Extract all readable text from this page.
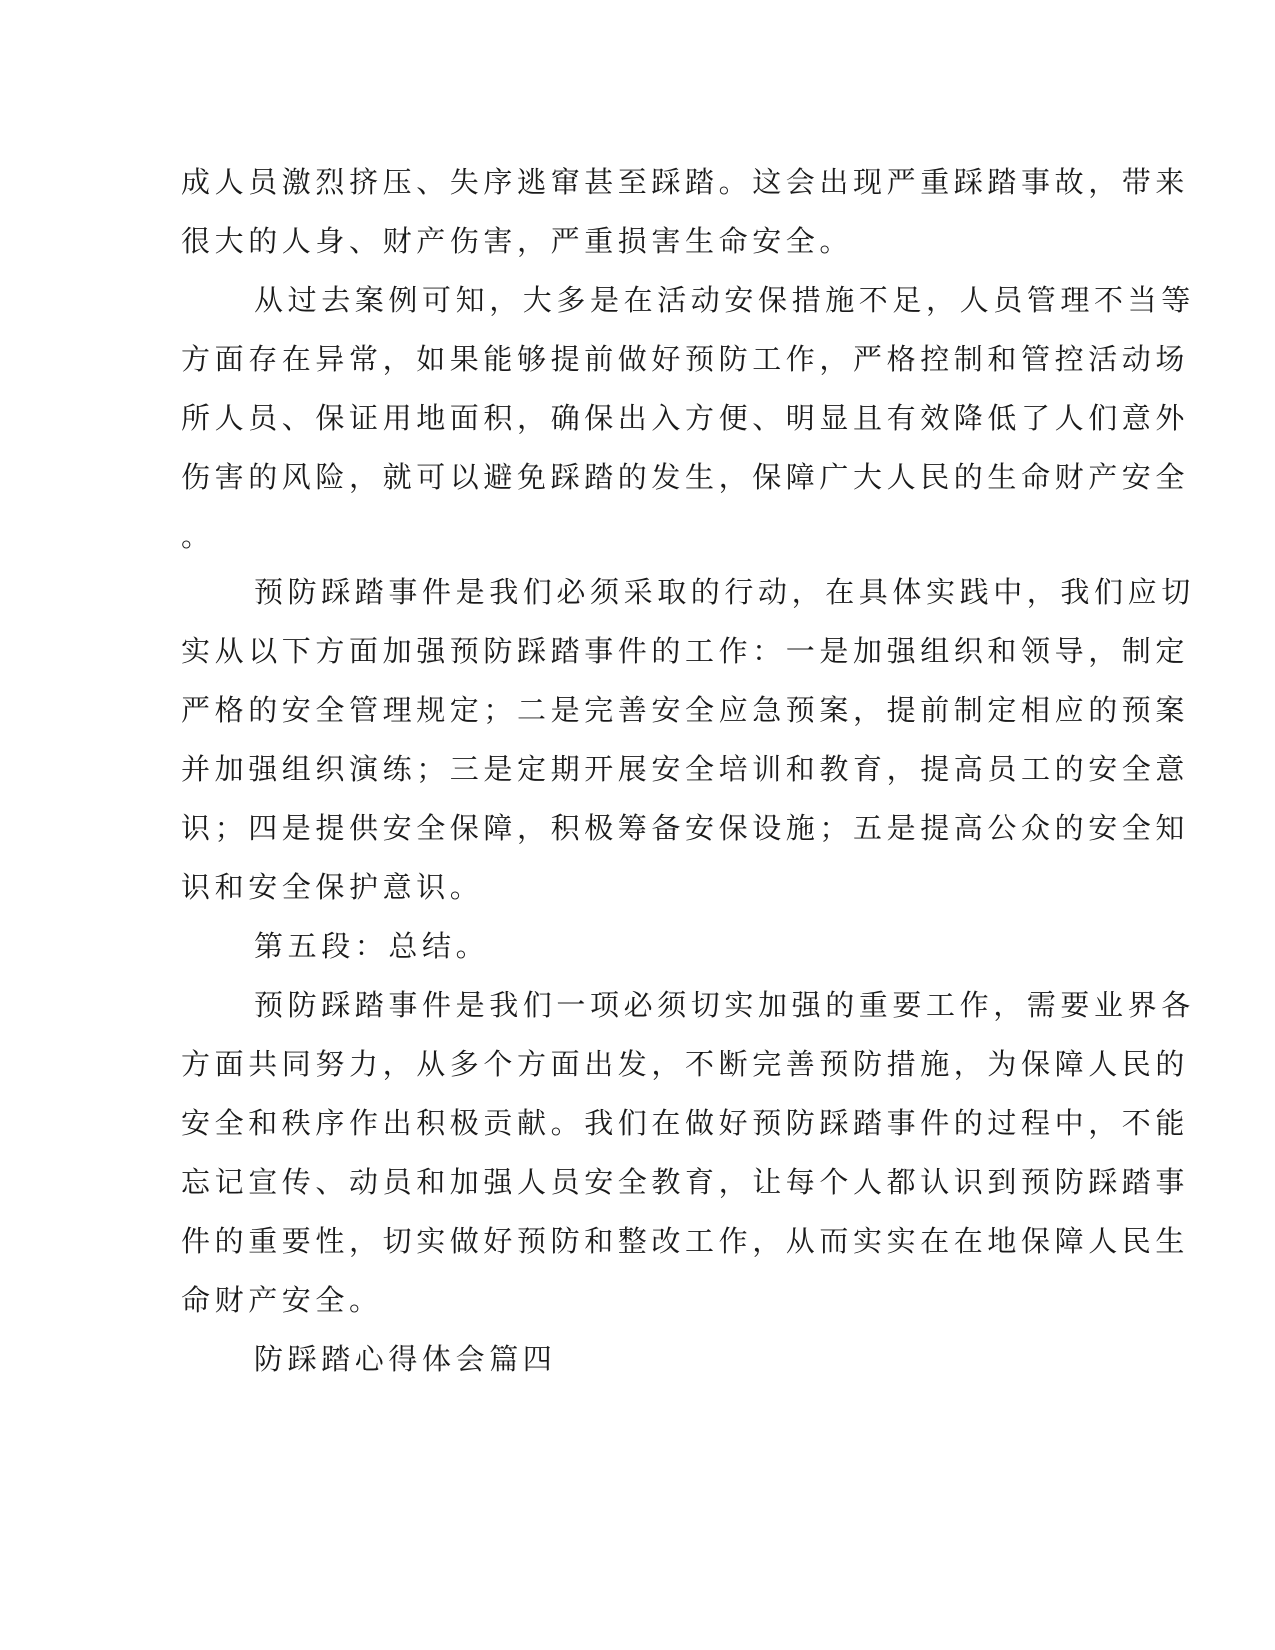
成人员激烈挤压、失序逃窜甚至踩踏。这会出现严重踩踏事故，带来
很大的人身、财产伤害，严重损害生命安全。
从过去案例可知，大多是在活动安保措施不足，人员管理不当等
方面存在异常，如果能够提前做好预防工作，严格控制和管控活动场
所人员、保证用地面积，确保出入方便、明显且有效降低了人们意外
伤害的风险，就可以避免踩踏的发生，保障广大人民的生命财产安全
。
预防踩踏事件是我们必须采取的行动，在具体实践中，我们应切
实从以下方面加强预防踩踏事件的工作：一是加强组织和领导，制定
严格的安全管理规定；二是完善安全应急预案，提前制定相应的预案
并加强组织演练；三是定期开展安全培训和教育，提高员工的安全意
识；四是提供安全保障，积极筹备安保设施；五是提高公众的安全知
识和安全保护意识。
第五段：总结。
预防踩踏事件是我们一项必须切实加强的重要工作，需要业界各
方面共同努力，从多个方面出发，不断完善预防措施，为保障人民的
安全和秩序作出积极贡献。我们在做好预防踩踏事件的过程中，不能
忘记宣传、动员和加强人员安全教育，让每个人都认识到预防踩踏事
件的重要性，切实做好预防和整改工作，从而实实在在地保障人民生
命财产安全。
防踩踏心得体会篇四
